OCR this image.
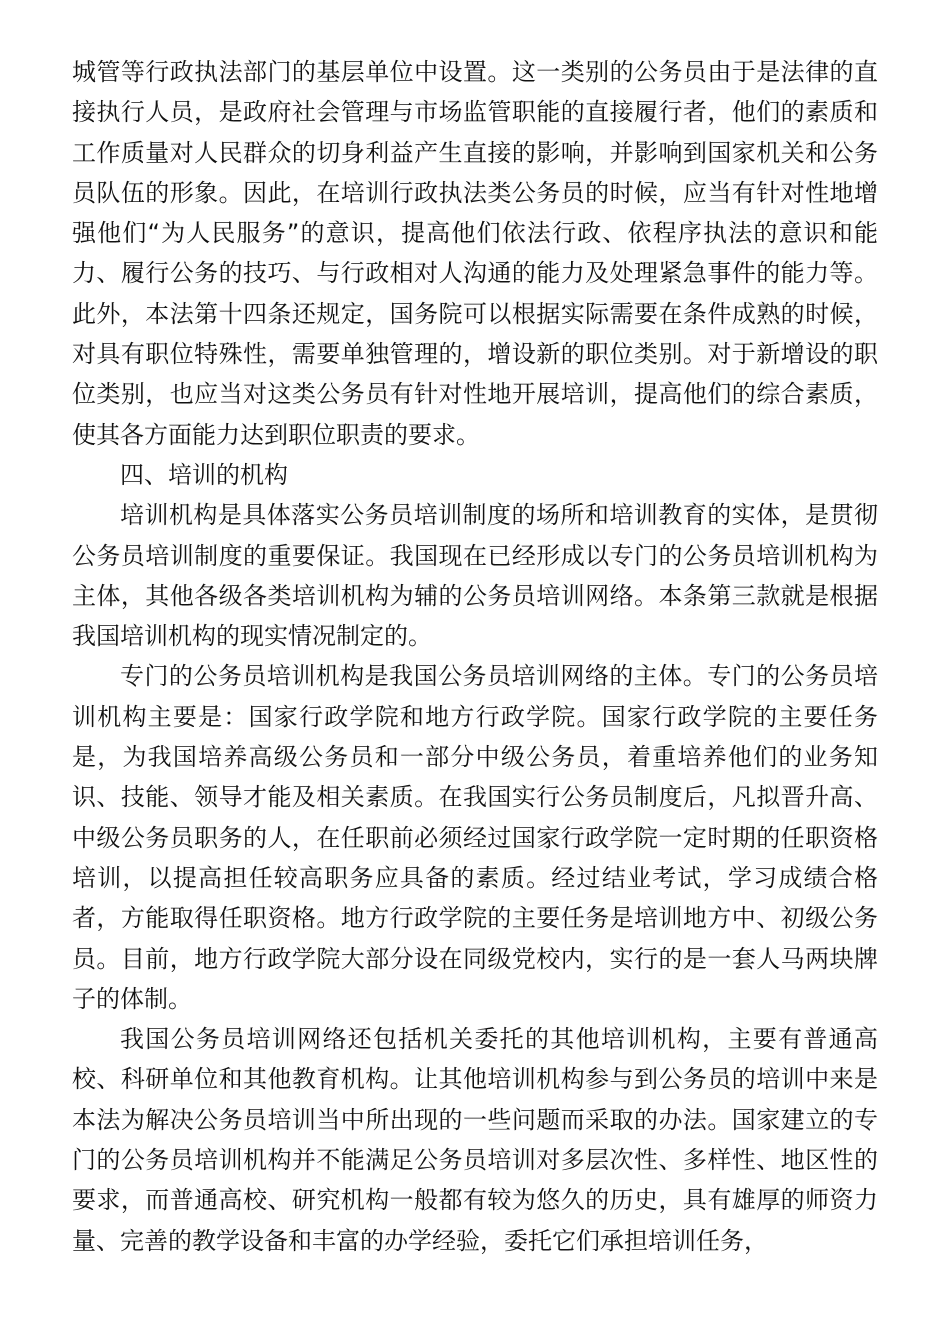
城管等行政执法部门的基层单位中设置。这一类别的公务员由于是法律的直接执行人员，是政府社会管理与市场监管职能的直接履行者，他们的素质和工作质量对人民群众的切身利益产生直接的影响，并影响到国家机关和公务员队伍的形象。因此，在培训行政执法类公务员的时候，应当有针对性地增强他们“为人民服务”的意识，提高他们依法行政、依程序执法的意识和能力、履行公务的技巧、与行政相对人沟通的能力及处理紧急事件的能力等。此外，本法第十四条还规定，国务院可以根据实际需要在条件成熟的时候，对具有职位特殊性，需要单独管理的，增设新的职位类别。对于新增设的职位类别，也应当对这类公务员有针对性地开展培训，提高他们的综合素质，使其各方面能力达到职位职责的要求。

四、培训的机构

培训机构是具体落实公务员培训制度的场所和培训教育的实体，是贯彻公务员培训制度的重要保证。我国现在已经形成以专门的公务员培训机构为主体，其他各级各类培训机构为辅的公务员培训网络。本条第三款就是根据我国培训机构的现实情况制定的。

专门的公务员培训机构是我国公务员培训网络的主体。专门的公务员培训机构主要是：国家行政学院和地方行政学院。国家行政学院的主要任务是，为我国培养高级公务员和一部分中级公务员，着重培养他们的业务知识、技能、领导才能及相关素质。在我国实行公务员制度后，凡拟晋升高、中级公务员职务的人，在任职前必须经过国家行政学院一定时期的任职资格培训，以提高担任较高职务应具备的素质。经过结业考试，学习成绩合格者，方能取得任职资格。地方行政学院的主要任务是培训地方中、初级公务员。目前，地方行政学院大部分设在同级党校内，实行的是一套人马两块牌子的体制。

我国公务员培训网络还包括机关委托的其他培训机构，主要有普通高校、科研单位和其他教育机构。让其他培训机构参与到公务员的培训中来是本法为解决公务员培训当中所出现的一些问题而采取的办法。国家建立的专门的公务员培训机构并不能满足公务员培训对多层次性、多样性、地区性的要求，而普通高校、研究机构一般都有较为悠久的历史，具有雄厚的师资力量、完善的教学设备和丰富的办学经验，委托它们承担培训任务，
